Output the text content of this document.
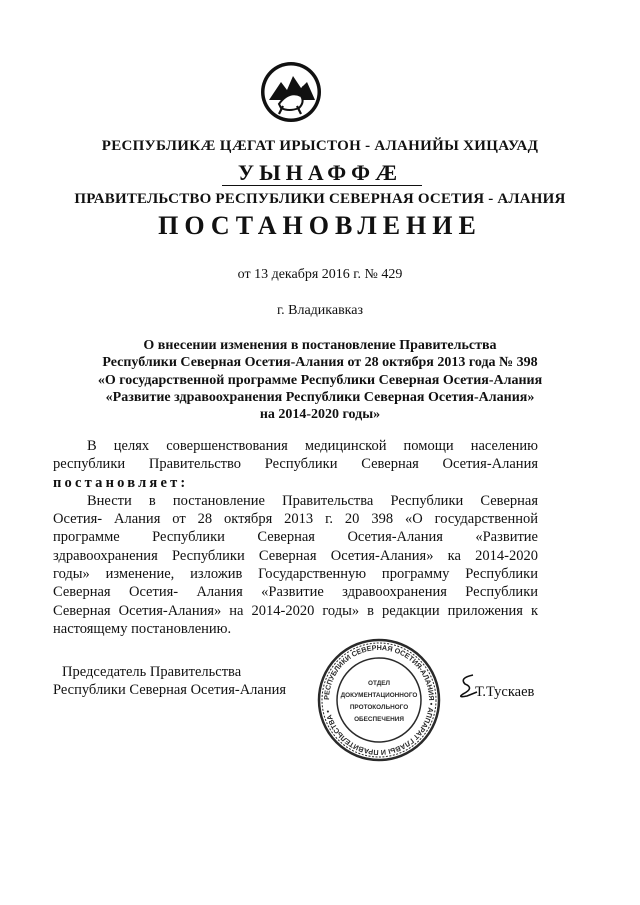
РЕСПУБЛИКӔ ЦӔГАТ ИРЫСТОН - АЛАНИЙЫ ХИЦАУАД
УЫНАФФӔ
ПРАВИТЕЛЬСТВО РЕСПУБЛИКИ СЕВЕРНАЯ ОСЕТИЯ - АЛАНИЯ
ПОСТАНОВЛЕНИЕ
от 13 декабря 2016 г. № 429
г. Владикавказ
О внесении изменения в постановление Правительства
Республики Северная Осетия-Алания от 28 октября 2013 года № 398
«О государственной программе Республики Северная Осетия-Алания
«Развитие здравоохранения Республики Северная Осетия-Алания»
на 2014-2020 годы»
В целях совершенствования медицинской помощи населению
республики Правительство Республики Северная Осетия-Алания
постановляет:
Внести в постановление Правительства Республики Северная
Осетия- Алания от 28 октября 2013 г. 20 398 «О государственной
программе Республики Северная Осетия-Алания «Развитие
здравоохранения Республики Северная Осетия-Алания» ка 2014-2020
годы» изменение, изложив Государственную программу Республики
Северная Осетия- Алания «Развитие здравоохранения Республики
Северная Осетия-Алания» на 2014-2020 годы» в редакции приложения к
настоящему постановлению.
Председатель Правительства
Республики Северная Осетия-Алания	РЕСПУБЛИКИ СЕВЕРНАЯ ОСЕТИЯ-АЛАНИЯ • АППАРАТ ГЛАВЫ И ПРАВИТЕЛЬСТВА •
ОТДЕЛ
ДОКУМЕНТАЦИОННОГО
ПРОТОКОЛЬНОГО
ОБЕСПЕЧЕНИЯ
Т.Тускаев
